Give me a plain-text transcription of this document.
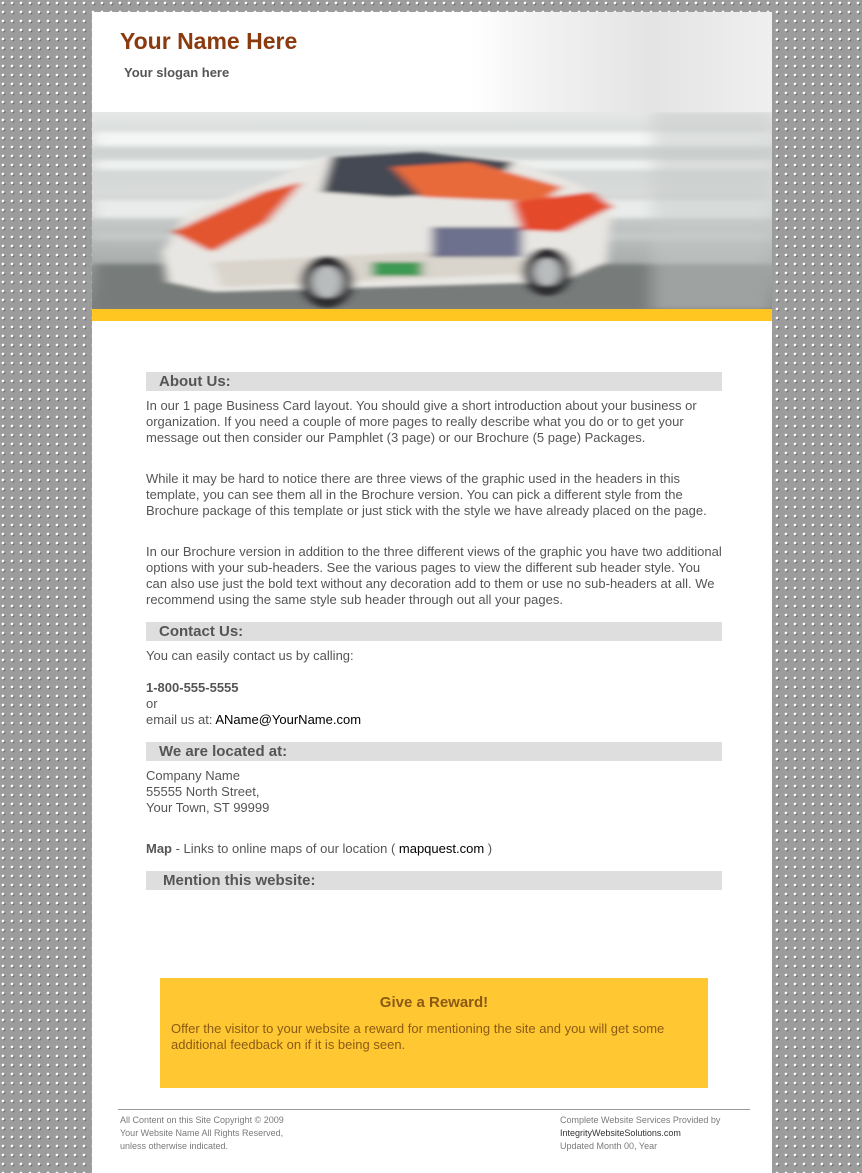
Your Name Here
Your slogan here
About Us:

In our 1 page Business Card layout. You should give a short introduction about your business or organization. If you need a couple of more pages to really describe what you do or to get your message out then consider our Pamphlet (3 page) or our Brochure (5 page) Packages.

While it may be hard to notice there are three views of the graphic used in the headers in this template, you can see them all in the Brochure version. You can pick a different style from the Brochure package of this template or just stick with the style we have already placed on the page.

In our Brochure version in addition to the three different views of the graphic you have two additional options with your sub-headers. See the various pages to view the different sub header style. You can also use just the bold text without any decoration add to them or use no sub-headers at all. We recommend using the same style sub header through out all your pages.

Contact Us:

You can easily contact us by calling:

1-800-555-5555

or

email us at: AName@YourName.com

We are located at:

Company Name

55555 North Street,

Your Town, ST 99999

Map - Links to online maps of our location ( mapquest.com )

Mention this website:

Give a Reward!

Offer the visitor to your website a reward for mentioning the site and you will get some additional feedback on if it is being seen.

All Content on this Site Copyright © 2009
Your Website Name All Rights Reserved,
unless otherwise indicated.
Complete Website Services Provided by
IntegrityWebsiteSolutions.com
Updated Month 00, Year
